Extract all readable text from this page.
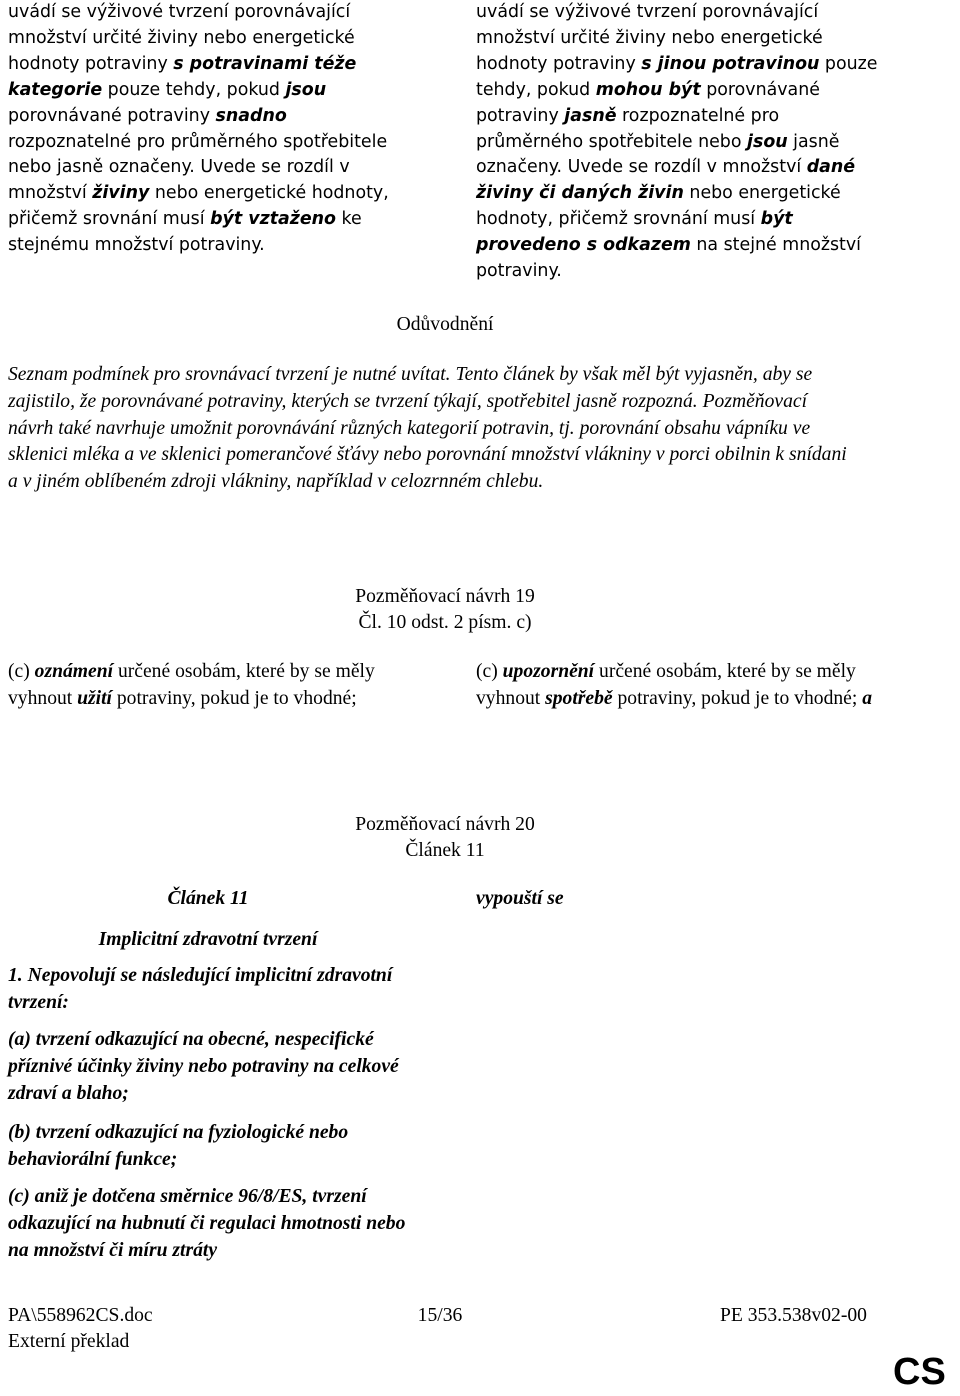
uvádí se výživové tvrzení porovnávající množství určité živiny nebo energetické hodnoty potraviny s potravinami téže kategorie pouze tehdy, pokud jsou porovnávané potraviny snadno rozpoznatelné pro průměrného spotřebitele nebo jasně označeny. Uvede se rozdíl v množství živiny nebo energetické hodnoty, přičemž srovnání musí být vztaženo ke stejnému množství potraviny.
uvádí se výživové tvrzení porovnávající množství určité živiny nebo energetické hodnoty potraviny s jinou potravinou pouze tehdy, pokud mohou být porovnávané potraviny jasně rozpoznatelné pro průměrného spotřebitele nebo jsou jasně označeny. Uvede se rozdíl v množství dané živiny či daných živin nebo energetické hodnoty, přičemž srovnání musí být provedeno s odkazem na stejné množství potraviny.
Odůvodnění
Seznam podmínek pro srovnávací tvrzení je nutné uvítat. Tento článek by však měl být vyjasněn, aby se zajistilo, že porovnávané potraviny, kterých se tvrzení týkají, spotřebitel jasně rozpozná. Pozměňovací návrh také navrhuje umožnit porovnávání různých kategorií potravin, tj. porovnání obsahu vápníku ve sklenici mléka a ve sklenici pomerančové šťávy nebo porovnání množství vlákniny v porci obilnin k snídani a v jiném oblíbeném zdroji vlákniny, například v celozrnném chlebu.
Pozměňovací návrh 19
Čl. 10 odst. 2 písm. c)
(c) oznámení určené osobám, které by se měly vyhnout užití potraviny, pokud je to vhodné;
(c) upozornění určené osobám, které by se měly vyhnout spotřebě potraviny, pokud je to vhodné; a
Pozměňovací návrh 20
Článek 11
Článek 11
Implicitní zdravotní tvrzení
1. Nepovolují se následující implicitní zdravotní tvrzení:
(a) tvrzení odkazující na obecné, nespecifické příznivé účinky živiny nebo potraviny na celkové zdraví a blaho;
(b) tvrzení odkazující na fyziologické nebo behaviorální funkce;
(c) aniž je dotčena směrnice 96/8/ES, tvrzení odkazující na hubnutí či regulaci hmotnosti nebo na množství či míru ztráty
vypouští se
PA\558962CS.doc	15/36	PE 353.538v02-00
Externí překlad
CS
